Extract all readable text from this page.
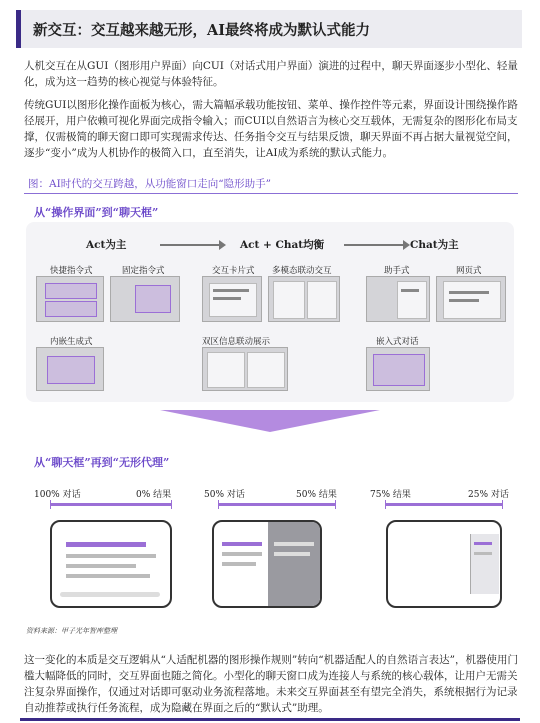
新交互：交互越来越无形，AI最终将成为默认式能力
人机交互在从GUI（图形用户界面）向CUI（对话式用户界面）演进的过程中，聊天界面逐步小型化、轻量化，成为这一趋势的核心视觉与体验特征。
传统GUI以图形化操作面板为核心，需大篇幅承载功能按钮、菜单、操作控件等元素，界面设计围绕操作路径展开，用户依赖可视化界面完成指令输入；而CUI以自然语言为核心交互载体，无需复杂的图形化布局支撑，仅需极简的聊天窗口即可实现需求传达、任务指令交互与结果反馈，聊天界面不再占据大量视觉空间，逐步“变小”成为人机协作的极简入口，直至消失，让AI成为系统的默认式能力。
图：AI时代的交互跨越，从功能窗口走向“隐形助手”
从“操作界面”到“聊天框”
Act为主	Act + Chat均衡	Chat为主
快捷指令式	固定指令式	交互卡片式 多模态联动交互	助手式	网页式
内嵌生成式	双区信息联动展示	嵌入式对话
从“聊天框”再到“无形代理”
100% 对话	0% 结果	50% 对话	50% 结果	75% 结果	25% 对话
资料来源：甲子光年智库整理
这一变化的本质是交互逻辑从“人适配机器的图形操作规则”转向“机器适配人的自然语言表达”，机器使用门槛大幅降低的同时，交互界面也随之简化。小型化的聊天窗口成为连接人与系统的核心载体，让用户无需关注复杂界面操作，仅通过对话即可驱动业务流程落地。未来交互界面甚至有望完全消失，系统根据行为记录自动推荐或执行任务流程，成为隐藏在界面之后的“默认式”助理。
